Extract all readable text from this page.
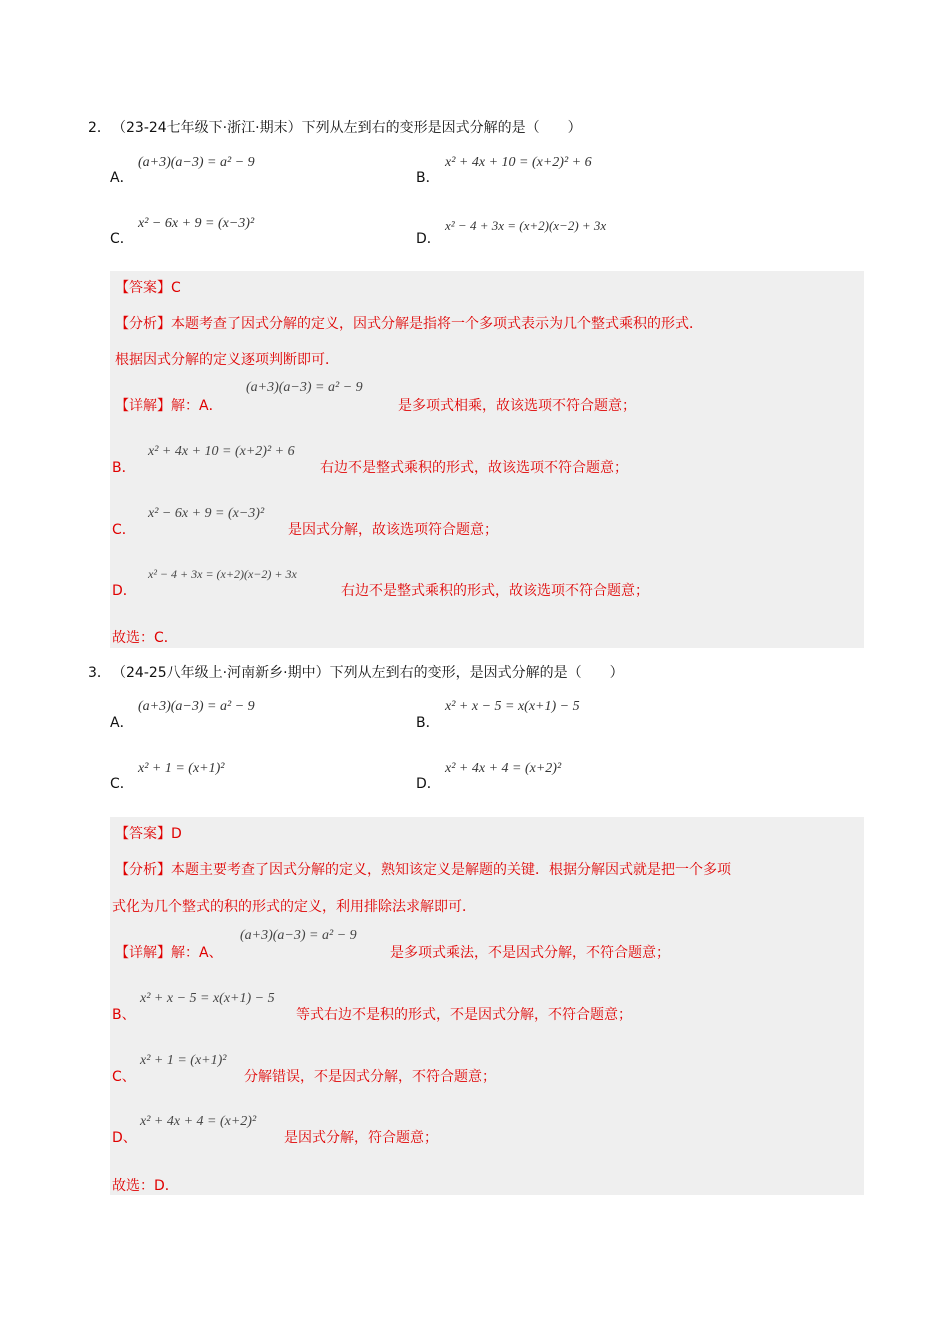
2． （23-24七年级下·浙江·期末）下列从左到右的变形是因式分解的是（　　）
A．
(a+3)(a−3) = a² − 9
B．
x² + 4x + 10 = (x+2)² + 6
C．
x² − 6x + 9 = (x−3)²
D．
x² − 4 + 3x = (x+2)(x−2) + 3x
【答案】C
【分析】本题考查了因式分解的定义，因式分解是指将一个多项式表示为几个整式乘积的形式．
根据因式分解的定义逐项判断即可．
【详解】解：A．
(a+3)(a−3) = a² − 9
是多项式相乘，故该选项不符合题意；
B．
x² + 4x + 10 = (x+2)² + 6
右边不是整式乘积的形式，故该选项不符合题意；
C．
x² − 6x + 9 = (x−3)²
是因式分解，故该选项符合题意；
D．
x² − 4 + 3x = (x+2)(x−2) + 3x
右边不是整式乘积的形式，故该选项不符合题意；
故选：C．
3． （24-25八年级上·河南新乡·期中）下列从左到右的变形，是因式分解的是（　　）
A．
(a+3)(a−3) = a² − 9
B．
x² + x − 5 = x(x+1) − 5
C．
x² + 1 = (x+1)²
D．
x² + 4x + 4 = (x+2)²
【答案】D
【分析】本题主要考查了因式分解的定义，熟知该定义是解题的关键．根据分解因式就是把一个多项
式化为几个整式的积的形式的定义，利用排除法求解即可．
【详解】解：A、
(a+3)(a−3) = a² − 9
是多项式乘法，不是因式分解，不符合题意；
B、
x² + x − 5 = x(x+1) − 5
等式右边不是积的形式，不是因式分解，不符合题意；
C、
x² + 1 = (x+1)²
分解错误，不是因式分解，不符合题意；
D、
x² + 4x + 4 = (x+2)²
是因式分解，符合题意；
故选：D．
